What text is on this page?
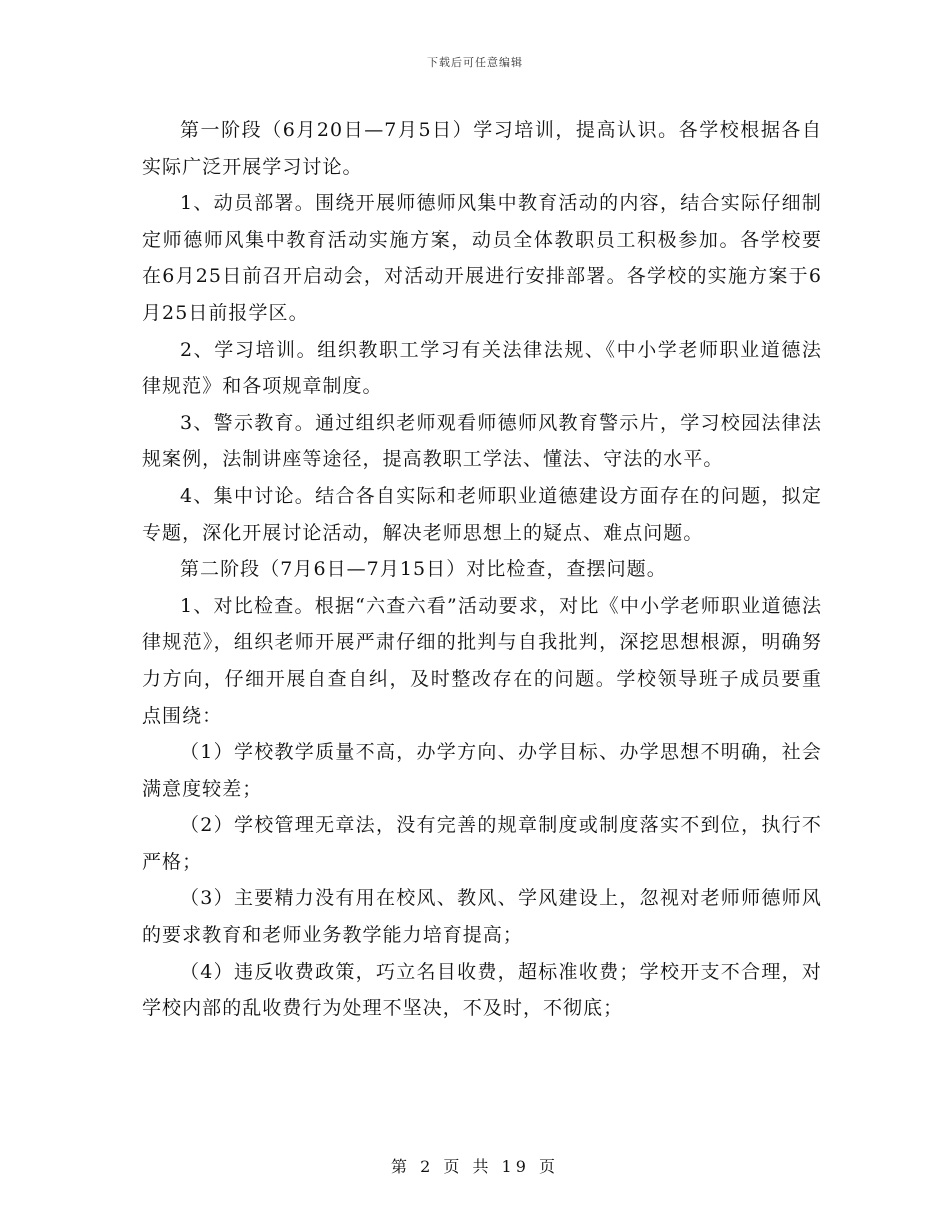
下载后可任意编辑

第一阶段（6月20日—7月5日）学习培训，提高认识。各学校根据各自实际广泛开展学习讨论。

1、动员部署。围绕开展师德师风集中教育活动的内容，结合实际仔细制定师德师风集中教育活动实施方案，动员全体教职员工积极参加。各学校要在6月25日前召开启动会，对活动开展进行安排部署。各学校的实施方案于6月25日前报学区。

2、学习培训。组织教职工学习有关法律法规、《中小学老师职业道德法律规范》和各项规章制度。

3、警示教育。通过组织老师观看师德师风教育警示片，学习校园法律法规案例，法制讲座等途径，提高教职工学法、懂法、守法的水平。

4、集中讨论。结合各自实际和老师职业道德建设方面存在的问题，拟定专题，深化开展讨论活动，解决老师思想上的疑点、难点问题。

第二阶段（7月6日—7月15日）对比检查，查摆问题。

1、对比检查。根据“六查六看”活动要求，对比《中小学老师职业道德法律规范》，组织老师开展严肃仔细的批判与自我批判，深挖思想根源，明确努力方向，仔细开展自查自纠，及时整改存在的问题。学校领导班子成员要重点围绕：

（1）学校教学质量不高，办学方向、办学目标、办学思想不明确，社会满意度较差；

（2）学校管理无章法，没有完善的规章制度或制度落实不到位，执行不严格；

（3）主要精力没有用在校风、教风、学风建设上，忽视对老师师德师风的要求教育和老师业务教学能力培育提高；

（4）违反收费政策，巧立名目收费，超标准收费；学校开支不合理，对学校内部的乱收费行为处理不坚决，不及时，不彻底；

第 2 页 共 19 页
